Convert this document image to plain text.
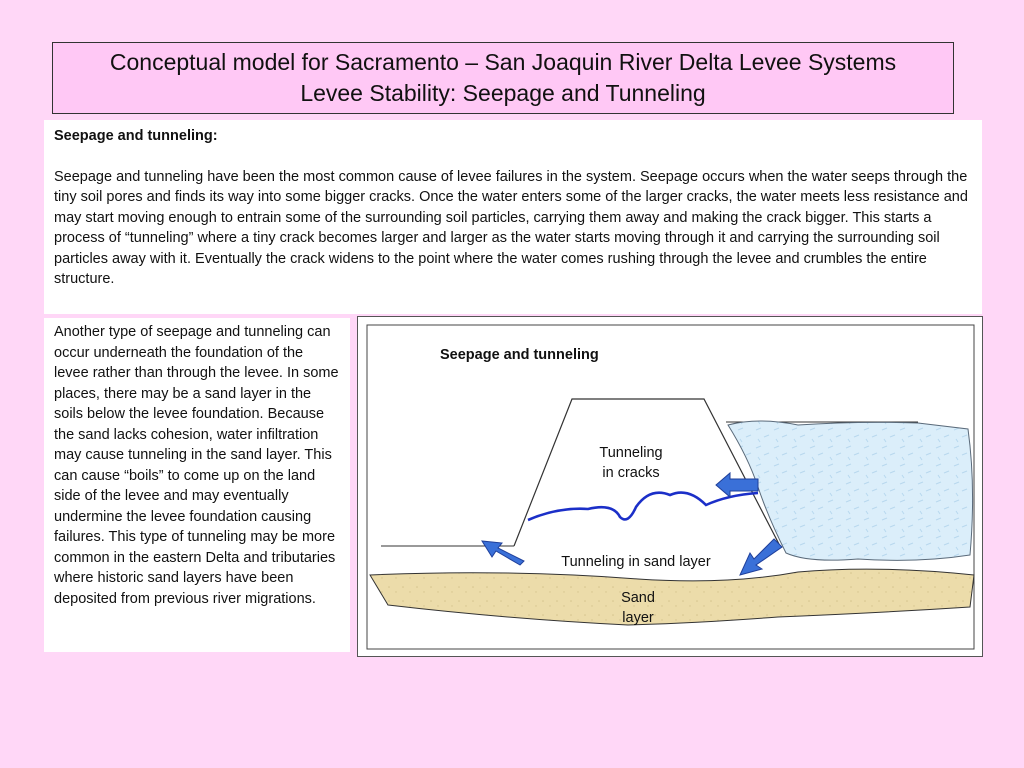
Conceptual model for Sacramento – San Joaquin River Delta Levee Systems
Levee Stability: Seepage and Tunneling
Seepage and tunneling:
Seepage and tunneling have been the most common cause of levee failures in the system. Seepage occurs when the water seeps through the tiny soil pores and finds its way into some bigger cracks. Once the water enters some of the larger cracks, the water meets less resistance and may start moving enough to entrain some of the surrounding soil particles, carrying them away and making the crack bigger. This starts a process of “tunneling” where a tiny crack becomes larger and larger as the water starts moving through it and carrying the surrounding soil particles away with it. Eventually the crack widens to the point where the water comes rushing through the levee and crumbles the entire structure.
Another type of seepage and tunneling can occur underneath the foundation of the levee rather than through the levee. In some places, there may be a sand layer in the soils below the levee foundation. Because the sand lacks cohesion, water infiltration may cause tunneling in the sand layer. This can cause “boils” to come up on the land side of the levee and may eventually undermine the levee foundation causing failures. This type of tunneling may be more common in the eastern Delta and tributaries where historic sand layers have been deposited from previous river migrations.
Seepage and tunneling
Tunneling
in cracks
Tunneling in sand layer
Sand
layer
